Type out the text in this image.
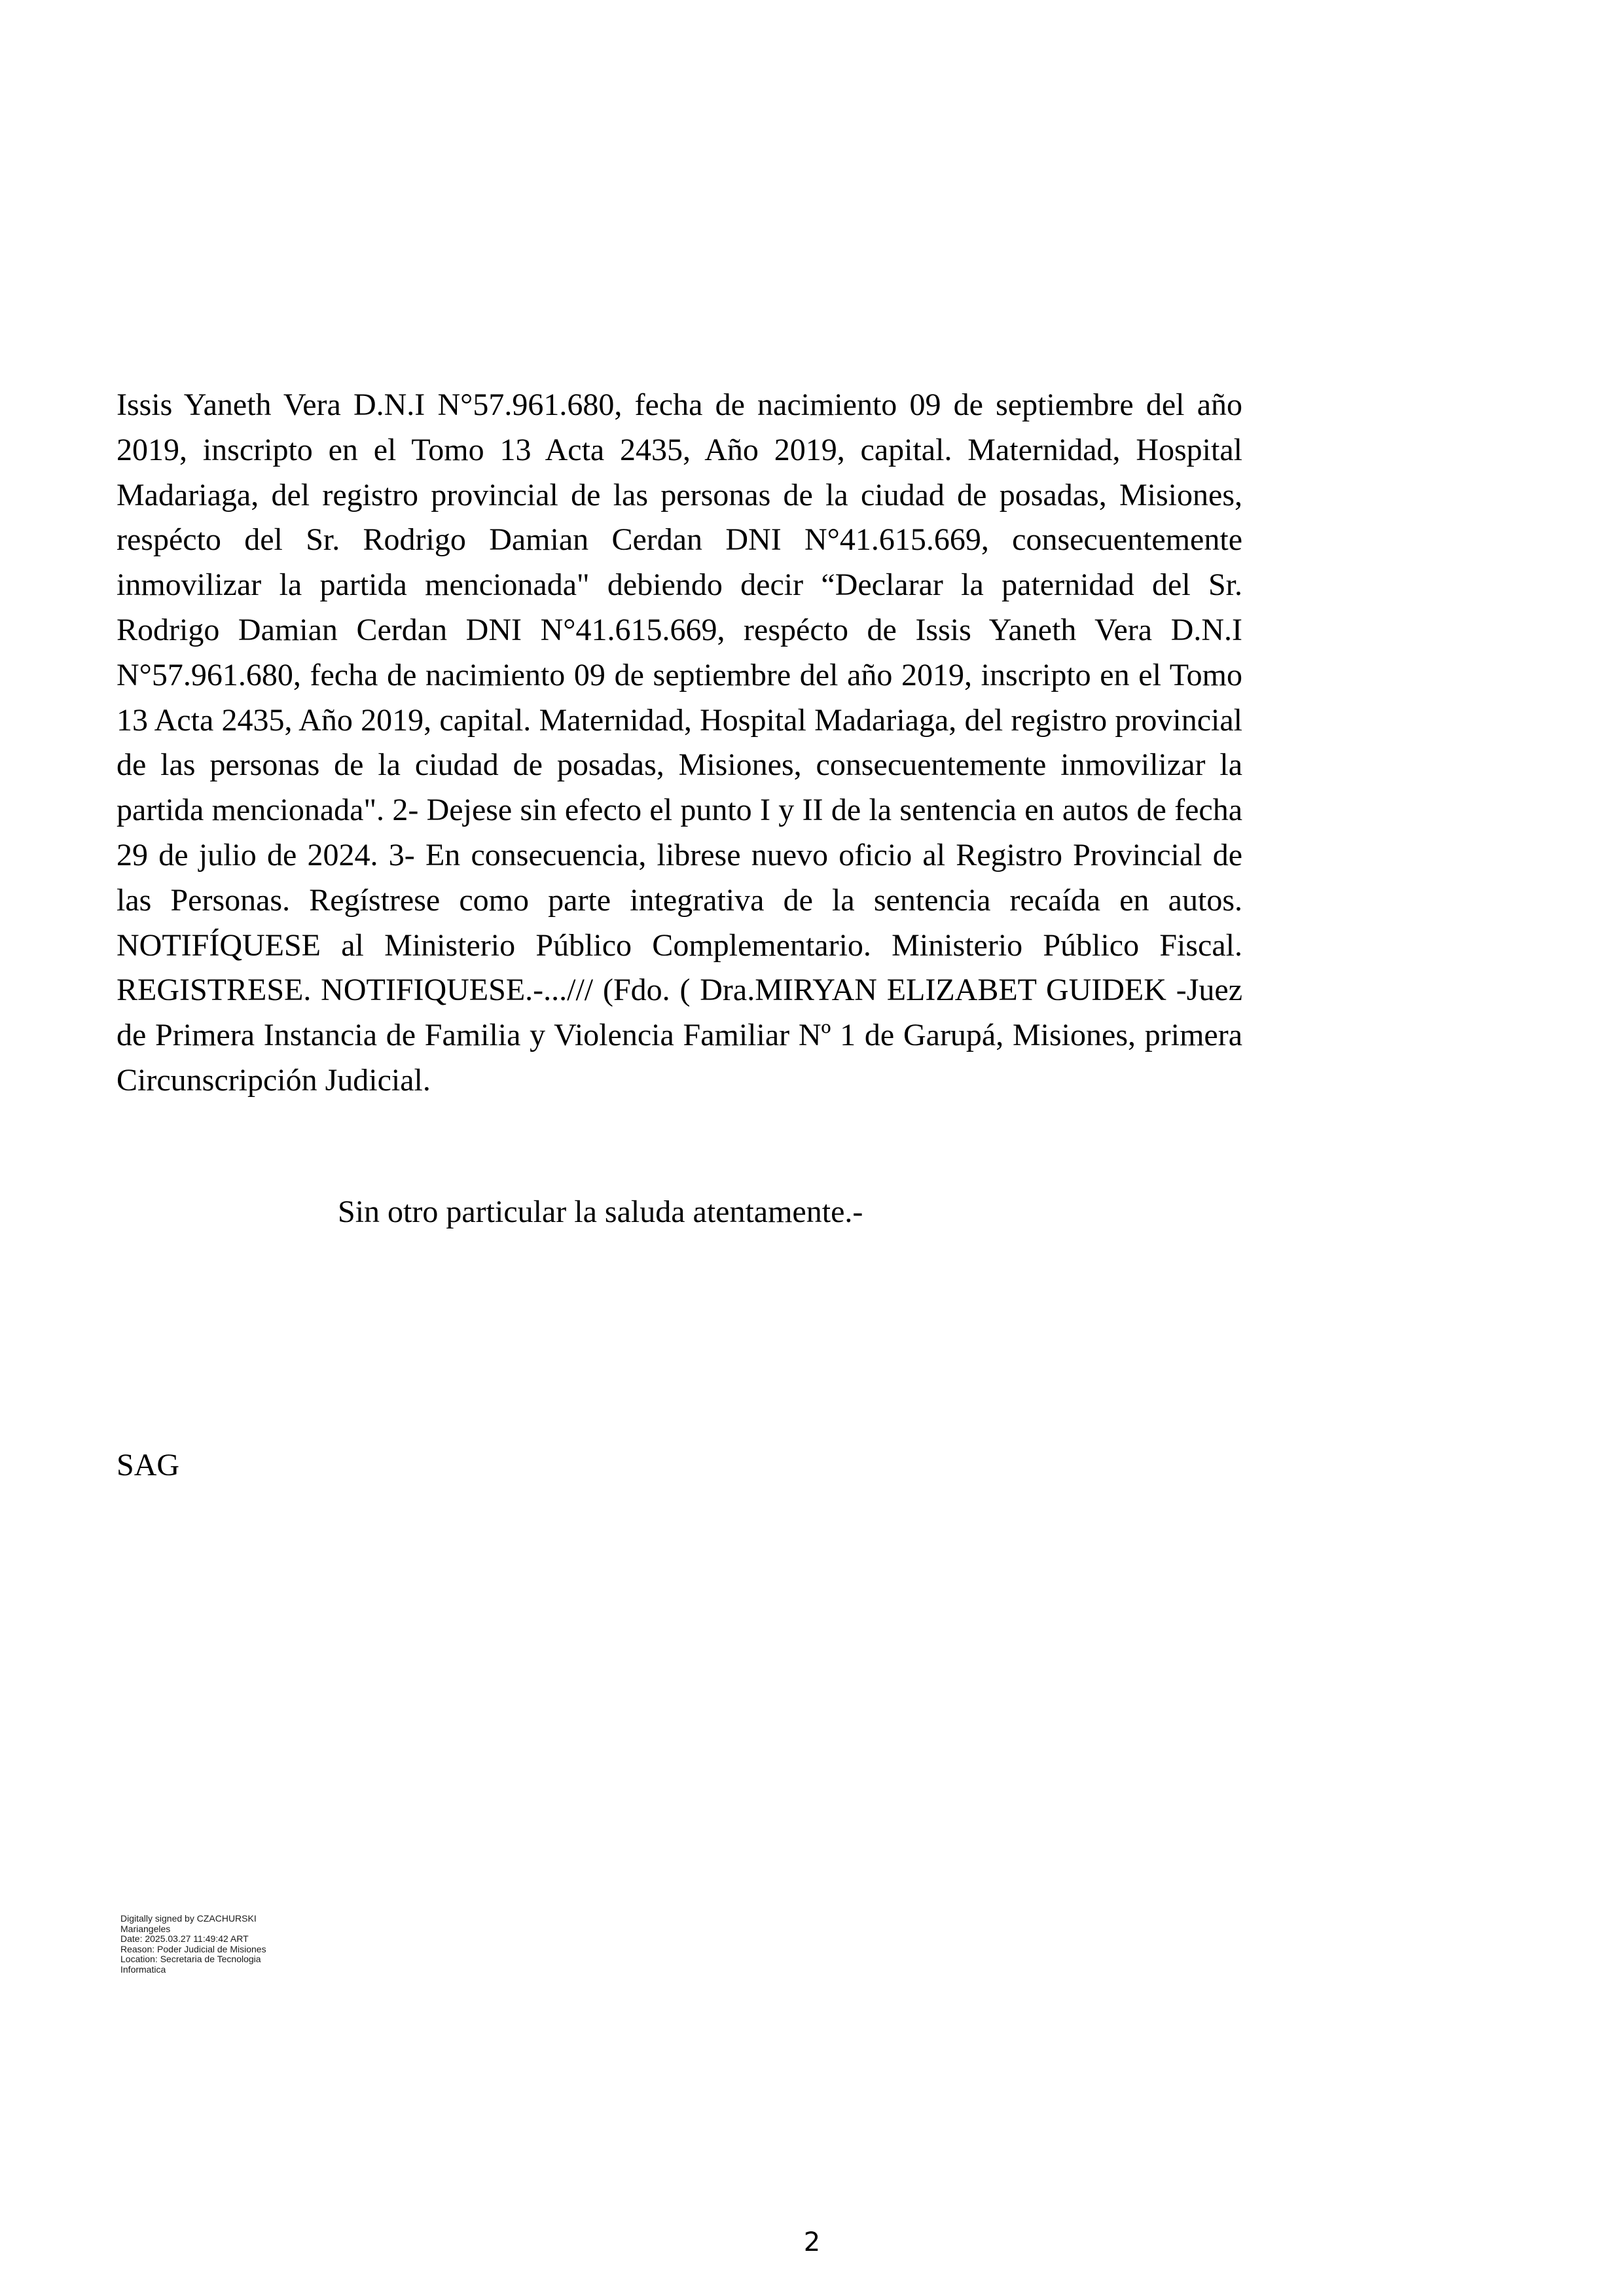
Issis Yaneth Vera D.N.I N°57.961.680, fecha de nacimiento 09 de septiembre del año 2019, inscripto en el Tomo 13 Acta 2435, Año 2019, capital. Maternidad, Hospital Madariaga, del registro provincial de las personas de la ciudad de posadas, Misiones, respécto del Sr. Rodrigo Damian Cerdan DNI N°41.615.669, consecuentemente inmovilizar la partida mencionada" debiendo decir “Declarar la paternidad del Sr. Rodrigo Damian Cerdan DNI N°41.615.669, respécto de Issis Yaneth Vera D.N.I N°57.961.680, fecha de nacimiento 09 de septiembre del año 2019, inscripto en el Tomo 13 Acta 2435, Año 2019, capital. Maternidad, Hospital Madariaga, del registro provincial de las personas de la ciudad de posadas, Misiones, consecuentemente inmovilizar la partida mencionada". 2- Dejese sin efecto el punto I y II de la sentencia en autos de fecha 29 de julio de 2024. 3- En consecuencia, librese nuevo oficio al Registro Provincial de las Personas. Regístrese como parte integrativa de la sentencia recaída en autos. NOTIFÍQUESE al Ministerio Público Complementario. Ministerio Público Fiscal. REGISTRESE. NOTIFIQUESE.-.../// (Fdo. ( Dra.MIRYAN ELIZABET GUIDEK -Juez de Primera Instancia de Familia y Violencia Familiar Nº 1 de Garupá, Misiones, primera Circunscripción Judicial.

Sin otro particular la saluda atentamente.-

SAG

Digitally signed by CZACHURSKI
Mariangeles
Date: 2025.03.27 11:49:42 ART
Reason: Poder Judicial de Misiones
Location: Secretaria de Tecnologia
Informatica

2
